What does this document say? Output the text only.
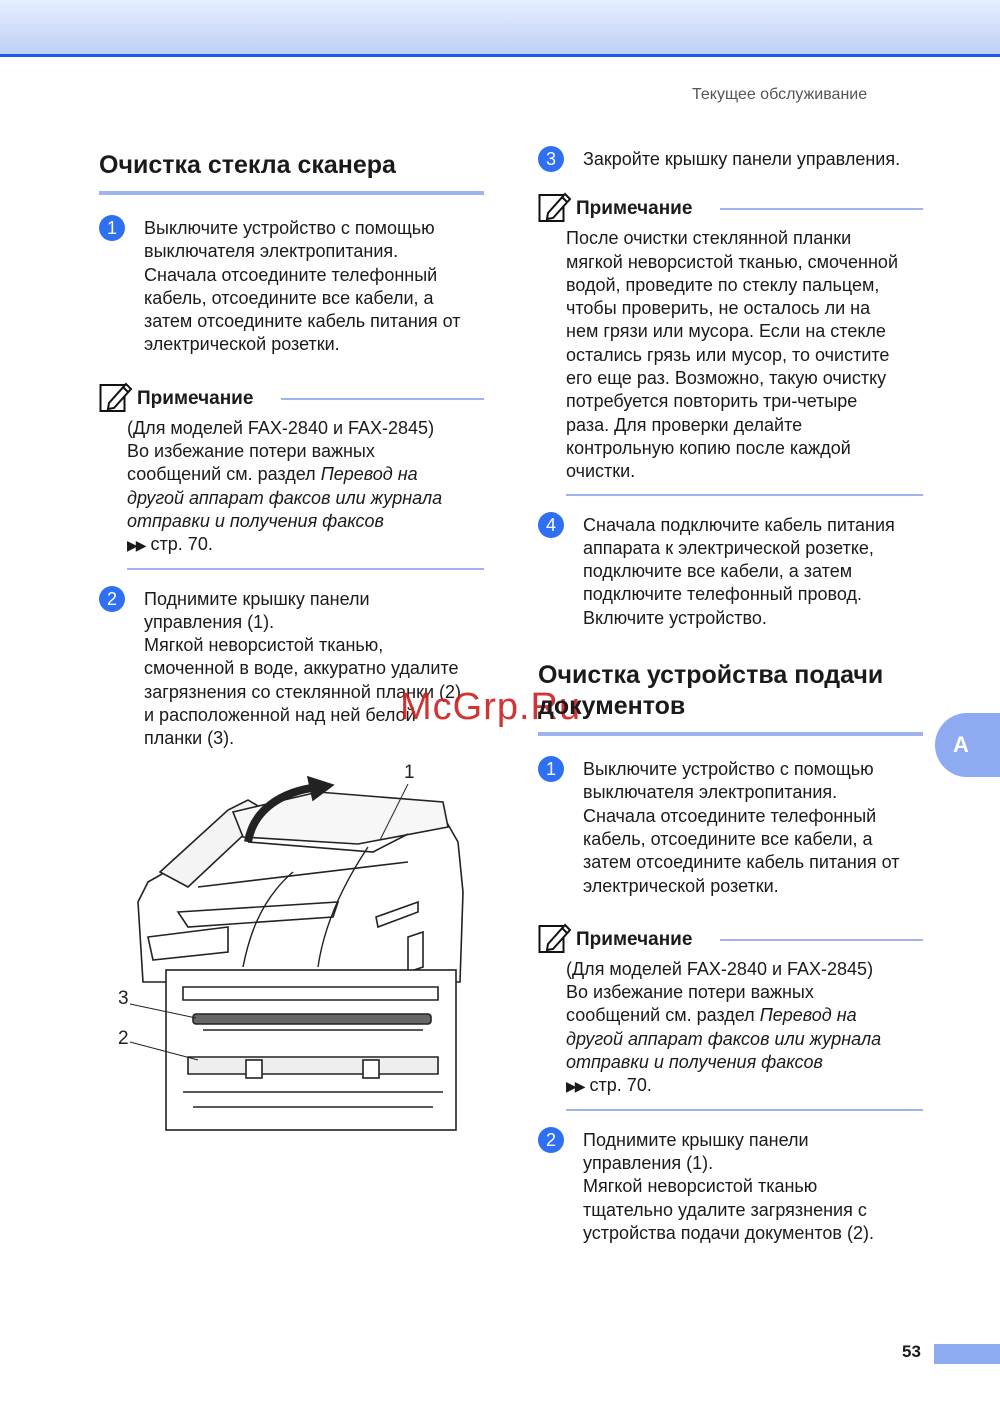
Текущее обслуживание
Очистка стекла сканера
1	Выключите устройство с помощью

выключателя электропитания.

Сначала отсоедините телефонный

кабель, отсоедините все кабели, а

затем отсоедините кабель питания от

электрической розетки.

Примечание
(Для моделей FAX-2840 и FAX-2845)
Во избежание потери важных
сообщений см. раздел Перевод на
другой аппарат факсов или журнала
отправки и получения факсов
▶▶ стр. 70.
2	Поднимите крышку панели

управления (1).

Мягкой неворсистой тканью,

смоченной в воде, аккуратно удалите

загрязнения со стеклянной планки (2)

и расположенной над ней белой

планки (3).

1
3
2
McGrp.Ru
3	Закройте крышку панели управления.

Примечание
После очистки стеклянной планки
мягкой неворсистой тканью, смоченной
водой, проведите по стеклу пальцем,
чтобы проверить, не осталось ли на
нем грязи или мусора. Если на стекле
остались грязь или мусор, то очистите
его еще раз. Возможно, такую очистку
потребуется повторить три-четыре
раза. Для проверки делайте
контрольную копию после каждой
очистки.
4	Сначала подключите кабель питания

аппарата к электрической розетке,

подключите все кабели, а затем

подключите телефонный провод.

Включите устройство.

Очистка устройства подачи
документов
1	Выключите устройство с помощью

выключателя электропитания.

Сначала отсоедините телефонный

кабель, отсоедините все кабели, а

затем отсоедините кабель питания от

электрической розетки.

Примечание
(Для моделей FAX-2840 и FAX-2845)
Во избежание потери важных
сообщений см. раздел Перевод на
другой аппарат факсов или журнала
отправки и получения факсов
▶▶ стр. 70.
2	Поднимите крышку панели

управления (1).

Мягкой неворсистой тканью

тщательно удалите загрязнения с

устройства подачи документов (2).

A
53
